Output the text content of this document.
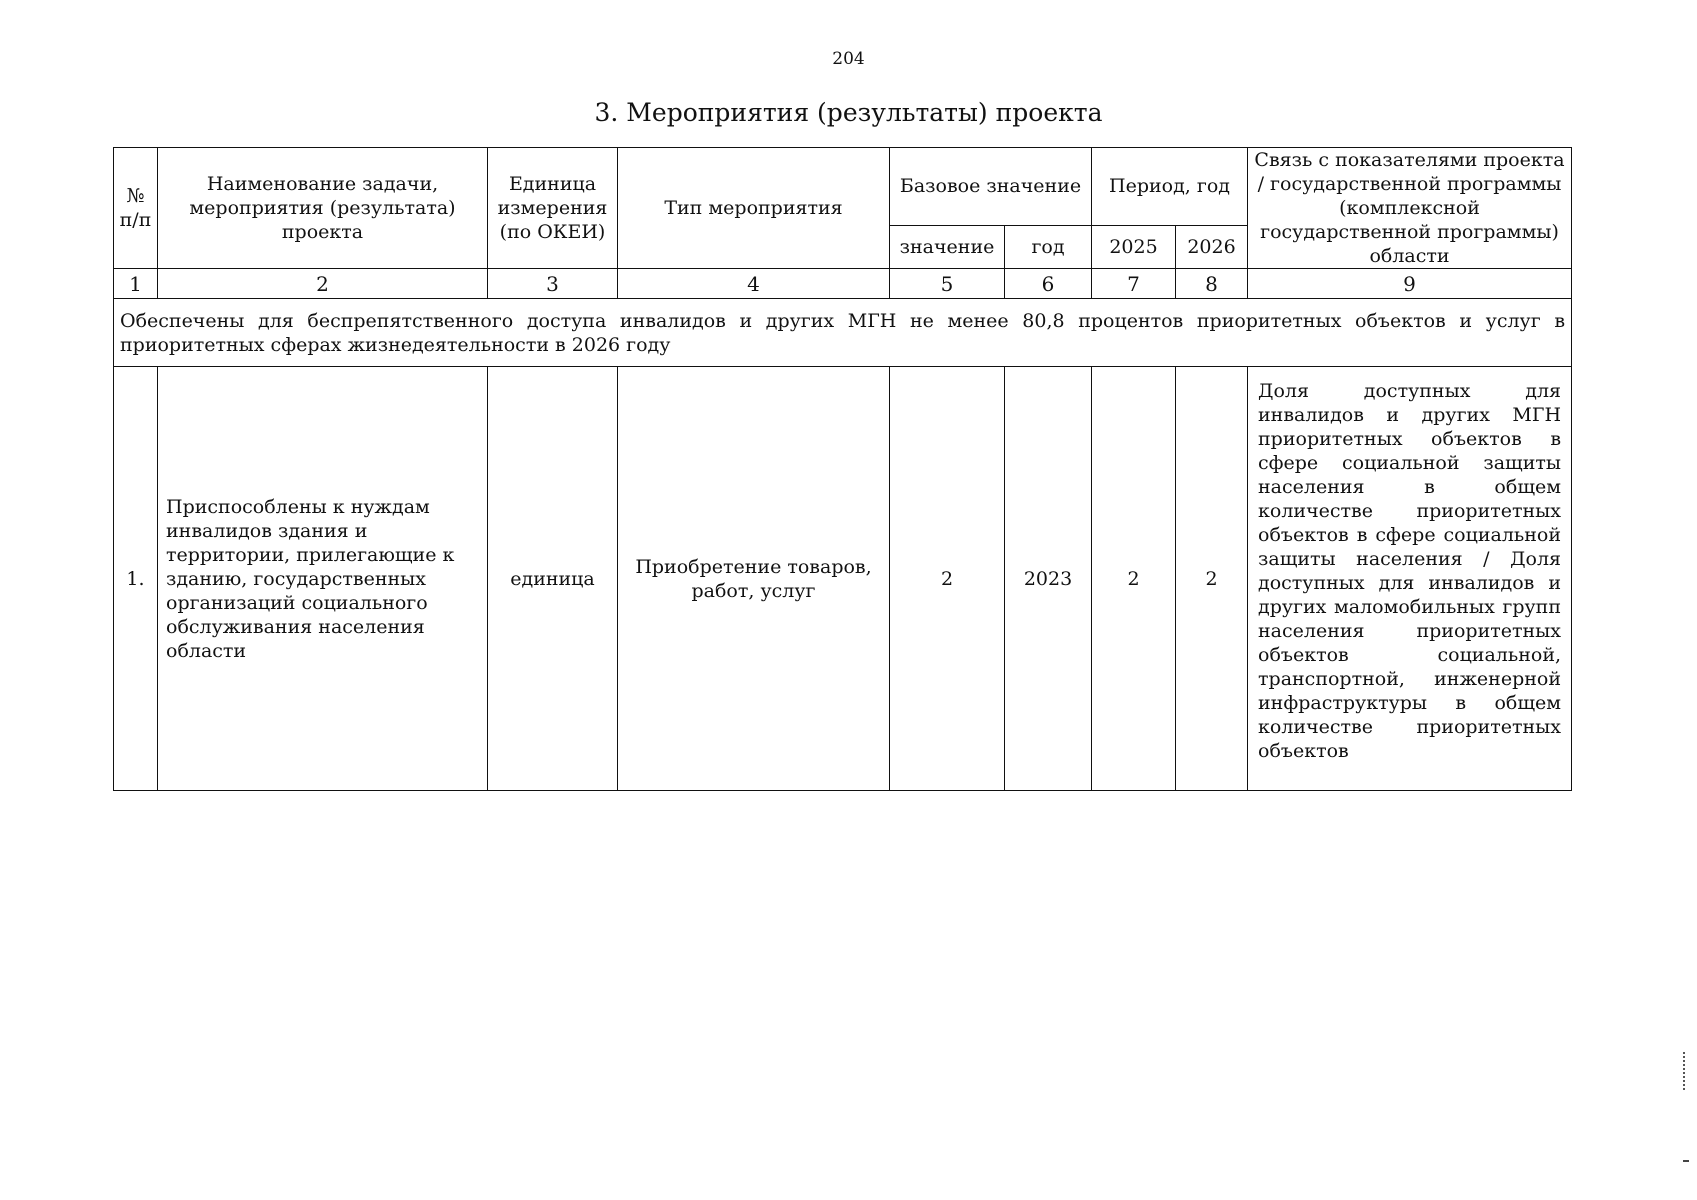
204
3. Мероприятия (результаты) проекта
№ п/п	Наименование задачи, мероприятия (результата) проекта	Единица измерения (по ОКЕИ)	Тип мероприятия	Базовое значение		Период, год		Связь с показателями проекта / государственной программы (комплексной государственной программы) области
				значение	год	2025	2026	
1	2	3	4	5	6	7	8	9
Обеспечены для беспрепятственного доступа инвалидов и других МГН не менее 80,8 процентов приоритетных объектов и услуг в приоритетных сферах жизнедеятельности в 2026 году								
1.	Приспособлены к нуждам инвалидов здания и территории, прилегающие к зданию, государственных организаций социального обслуживания населения области	единица	Приобретение товаров, работ, услуг	2	2023	2	2	Доля доступных для инвалидов и других МГН приоритетных объектов в сфере социальной защиты населения в общем количестве приоритетных объектов в сфере социальной защиты населения / Доля доступных для инвалидов и других маломобильных групп населения приоритетных объектов социальной, транспортной, инженерной инфраструктуры в общем количестве приоритетных объектов
